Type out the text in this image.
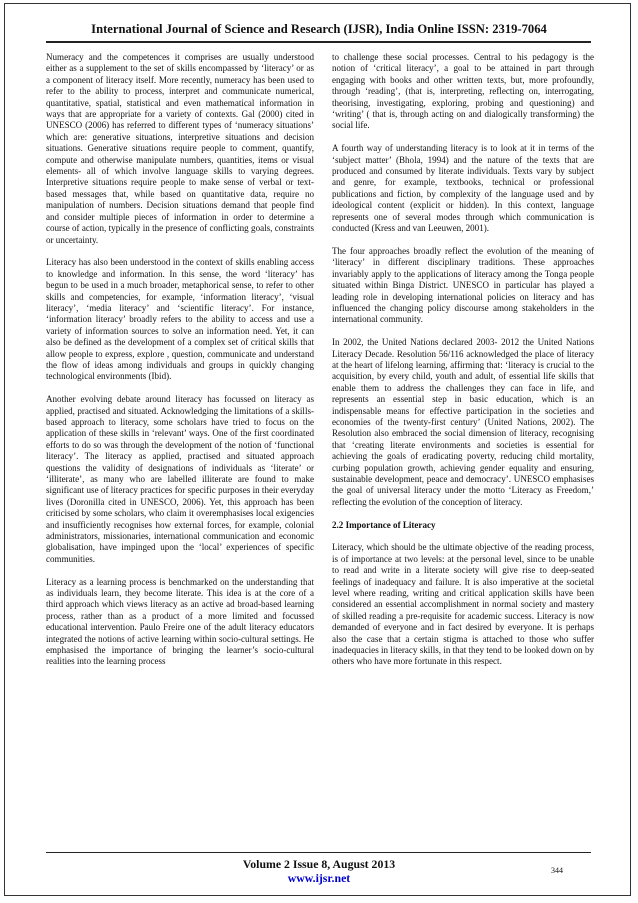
International Journal of Science and Research (IJSR), India Online ISSN: 2319-7064

Numeracy and the competences it comprises are usually understood either as a supplement to the set of skills encompassed by ‘literacy’ or as a component of literacy itself. More recently, numeracy has been used to refer to the ability to process, interpret and communicate numerical, quantitative, spatial, statistical and even mathematical information in ways that are appropriate for a variety of contexts. Gal (2000) cited in UNESCO (2006) has referred to different types of ‘numeracy situations’ which are: generative situations, interpretive situations and decision situations. Generative situations require people to comment, quantify, compute and otherwise manipulate numbers, quantities, items or visual elements- all of which involve language skills to varying degrees. Interpretive situations require people to make sense of verbal or text-based messages that, while based on quantitative data, require no manipulation of numbers. Decision situations demand that people find and consider multiple pieces of information in order to determine a course of action, typically in the presence of conflicting goals, constraints or uncertainty.

Literacy has also been understood in the context of skills enabling access to knowledge and information. In this sense, the word ‘literacy’ has begun to be used in a much broader, metaphorical sense, to refer to other skills and competencies, for example, ‘information literacy’, ‘visual literacy’, ‘media literacy’ and ‘scientific literacy’. For instance, ‘information literacy’ broadly refers to the ability to access and use a variety of information sources to solve an information need. Yet, it can also be defined as the development of a complex set of critical skills that allow people to express, explore , question, communicate and understand the flow of ideas among individuals and groups in quickly changing technological environments (Ibid).

Another evolving debate around literacy has focussed on literacy as applied, practised and situated. Acknowledging the limitations of a skills- based approach to literacy, some scholars have tried to focus on the application of these skills in ‘relevant’ ways. One of the first coordinated efforts to do so was through the development of the notion of ‘functional literacy’. The literacy as applied, practised and situated approach questions the validity of designations of individuals as ‘literate’ or ‘illiterate’, as many who are labelled illiterate are found to make significant use of literacy practices for specific purposes in their everyday lives (Doronilla cited in UNESCO, 2006). Yet, this approach has been criticised by some scholars, who claim it overemphasises local exigencies and insufficiently recognises how external forces, for example, colonial administrators, missionaries, international communication and economic globalisation, have impinged upon the ‘local’ experiences of specific communities.

Literacy as a learning process is benchmarked on the understanding that as individuals learn, they become literate. This idea is at the core of a third approach which views literacy as an active ad broad-based learning process, rather than as a product of a more limited and focussed educational intervention. Paulo Freire one of the adult literacy educators integrated the notions of active learning within socio-cultural settings. He emphasised the importance of bringing the learner’s socio-cultural realities into the learning process

to challenge these social processes. Central to his pedagogy is the notion of ‘critical literacy’, a goal to be attained in part through engaging with books and other written texts, but, more profoundly, through ‘reading’, (that is, interpreting, reflecting on, interrogating, theorising, investigating, exploring, probing and questioning) and ‘writing’ ( that is, through acting on and dialogically transforming) the social life.

A fourth way of understanding literacy is to look at it in terms of the ‘subject matter’ (Bhola, 1994) and the nature of the texts that are produced and consumed by literate individuals. Texts vary by subject and genre, for example, textbooks, technical or professional publications and fiction, by complexity of the language used and by ideological content (explicit or hidden). In this context, language represents one of several modes through which communication is conducted (Kress and van Leeuwen, 2001).

The four approaches broadly reflect the evolution of the meaning of ‘literacy’ in different disciplinary traditions. These approaches invariably apply to the applications of literacy among the Tonga people situated within Binga District. UNESCO in particular has played a leading role in developing international policies on literacy and has influenced the changing policy discourse among stakeholders in the international community.

In 2002, the United Nations declared 2003- 2012 the United Nations Literacy Decade. Resolution 56/116 acknowledged the place of literacy at the heart of lifelong learning, affirming that: ‘literacy is crucial to the acquisition, by every child, youth and adult, of essential life skills that enable them to address the challenges they can face in life, and represents an essential step in basic education, which is an indispensable means for effective participation in the societies and economies of the twenty-first century’ (United Nations, 2002). The Resolution also embraced the social dimension of literacy, recognising that ‘creating literate environments and societies is essential for achieving the goals of eradicating poverty, reducing child mortality, curbing population growth, achieving gender equality and ensuring, sustainable development, peace and democracy’. UNESCO emphasises the goal of universal literacy under the motto ‘Literacy as Freedom,’ reflecting the evolution of the conception of literacy.

2.2 Importance of Literacy

Literacy, which should be the ultimate objective of the reading process, is of importance at two levels: at the personal level, since to be unable to read and write in a literate society will give rise to deep-seated feelings of inadequacy and failure. It is also imperative at the societal level where reading, writing and critical application skills have been considered an essential accomplishment in normal society and mastery of skilled reading a pre-requisite for academic success. Literacy is now demanded of everyone and in fact desired by everyone. It is perhaps also the case that a certain stigma is attached to those who suffer inadequacies in literacy skills, in that they tend to be looked down on by others who have more fortunate in this respect.

Volume 2 Issue 8, August 2013
www.ijsr.net
344
